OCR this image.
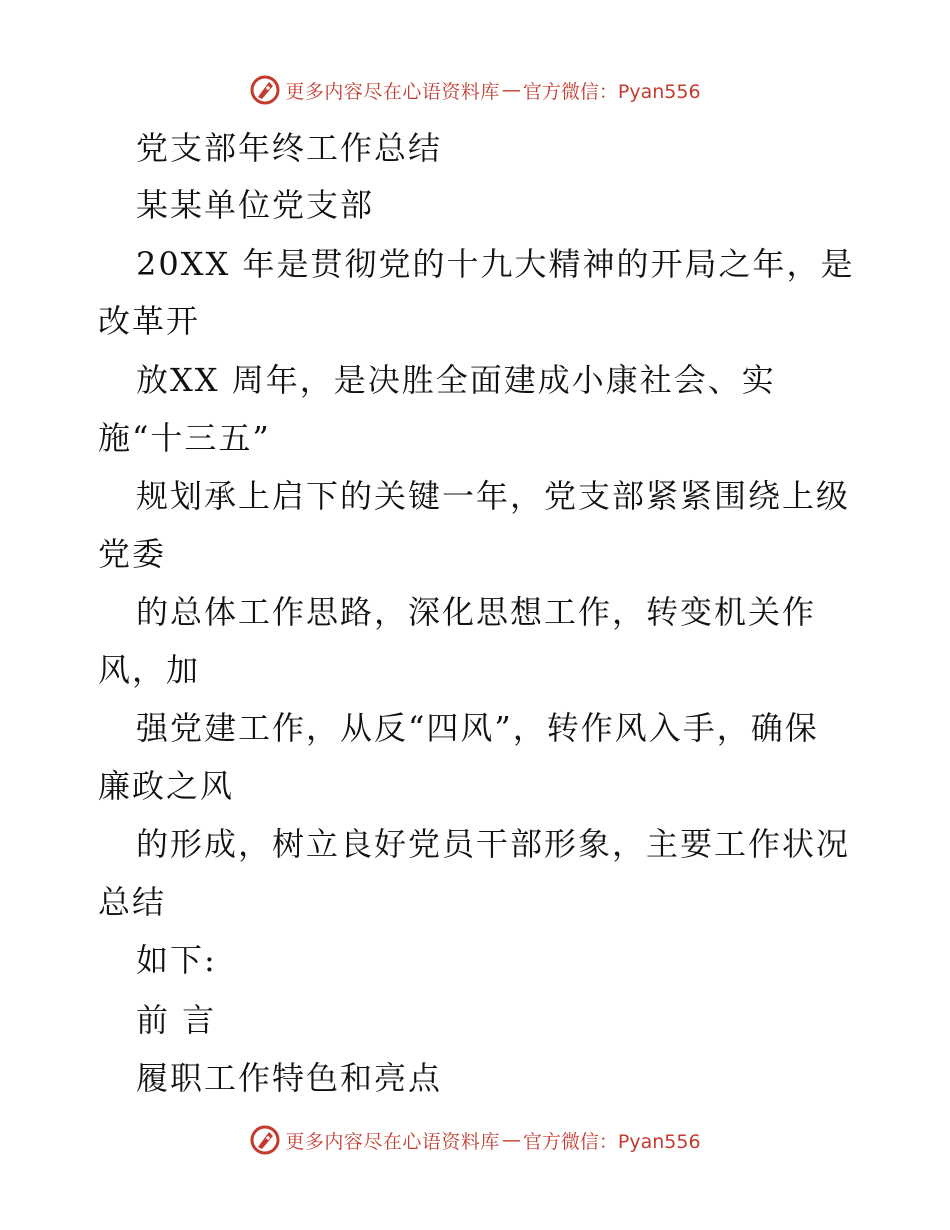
更多内容尽在心语资料库 — 官方微信：Pyan556
党支部年终工作总结
某某单位党支部
20XX 年是贯彻党的十九大精神的开局之年，是
改革开
放XX 周年，是决胜全面建成小康社会、实
施“十三五”
规划承上启下的关键一年，党支部紧紧围绕上级
党委
的总体工作思路，深化思想工作，转变机关作
风，加
强党建工作，从反“四风”，转作风入手，确保
廉政之风
的形成，树立良好党员干部形象，主要工作状况
总结
如下:
前 言
履职工作特色和亮点
更多内容尽在心语资料库 — 官方微信：Pyan556
